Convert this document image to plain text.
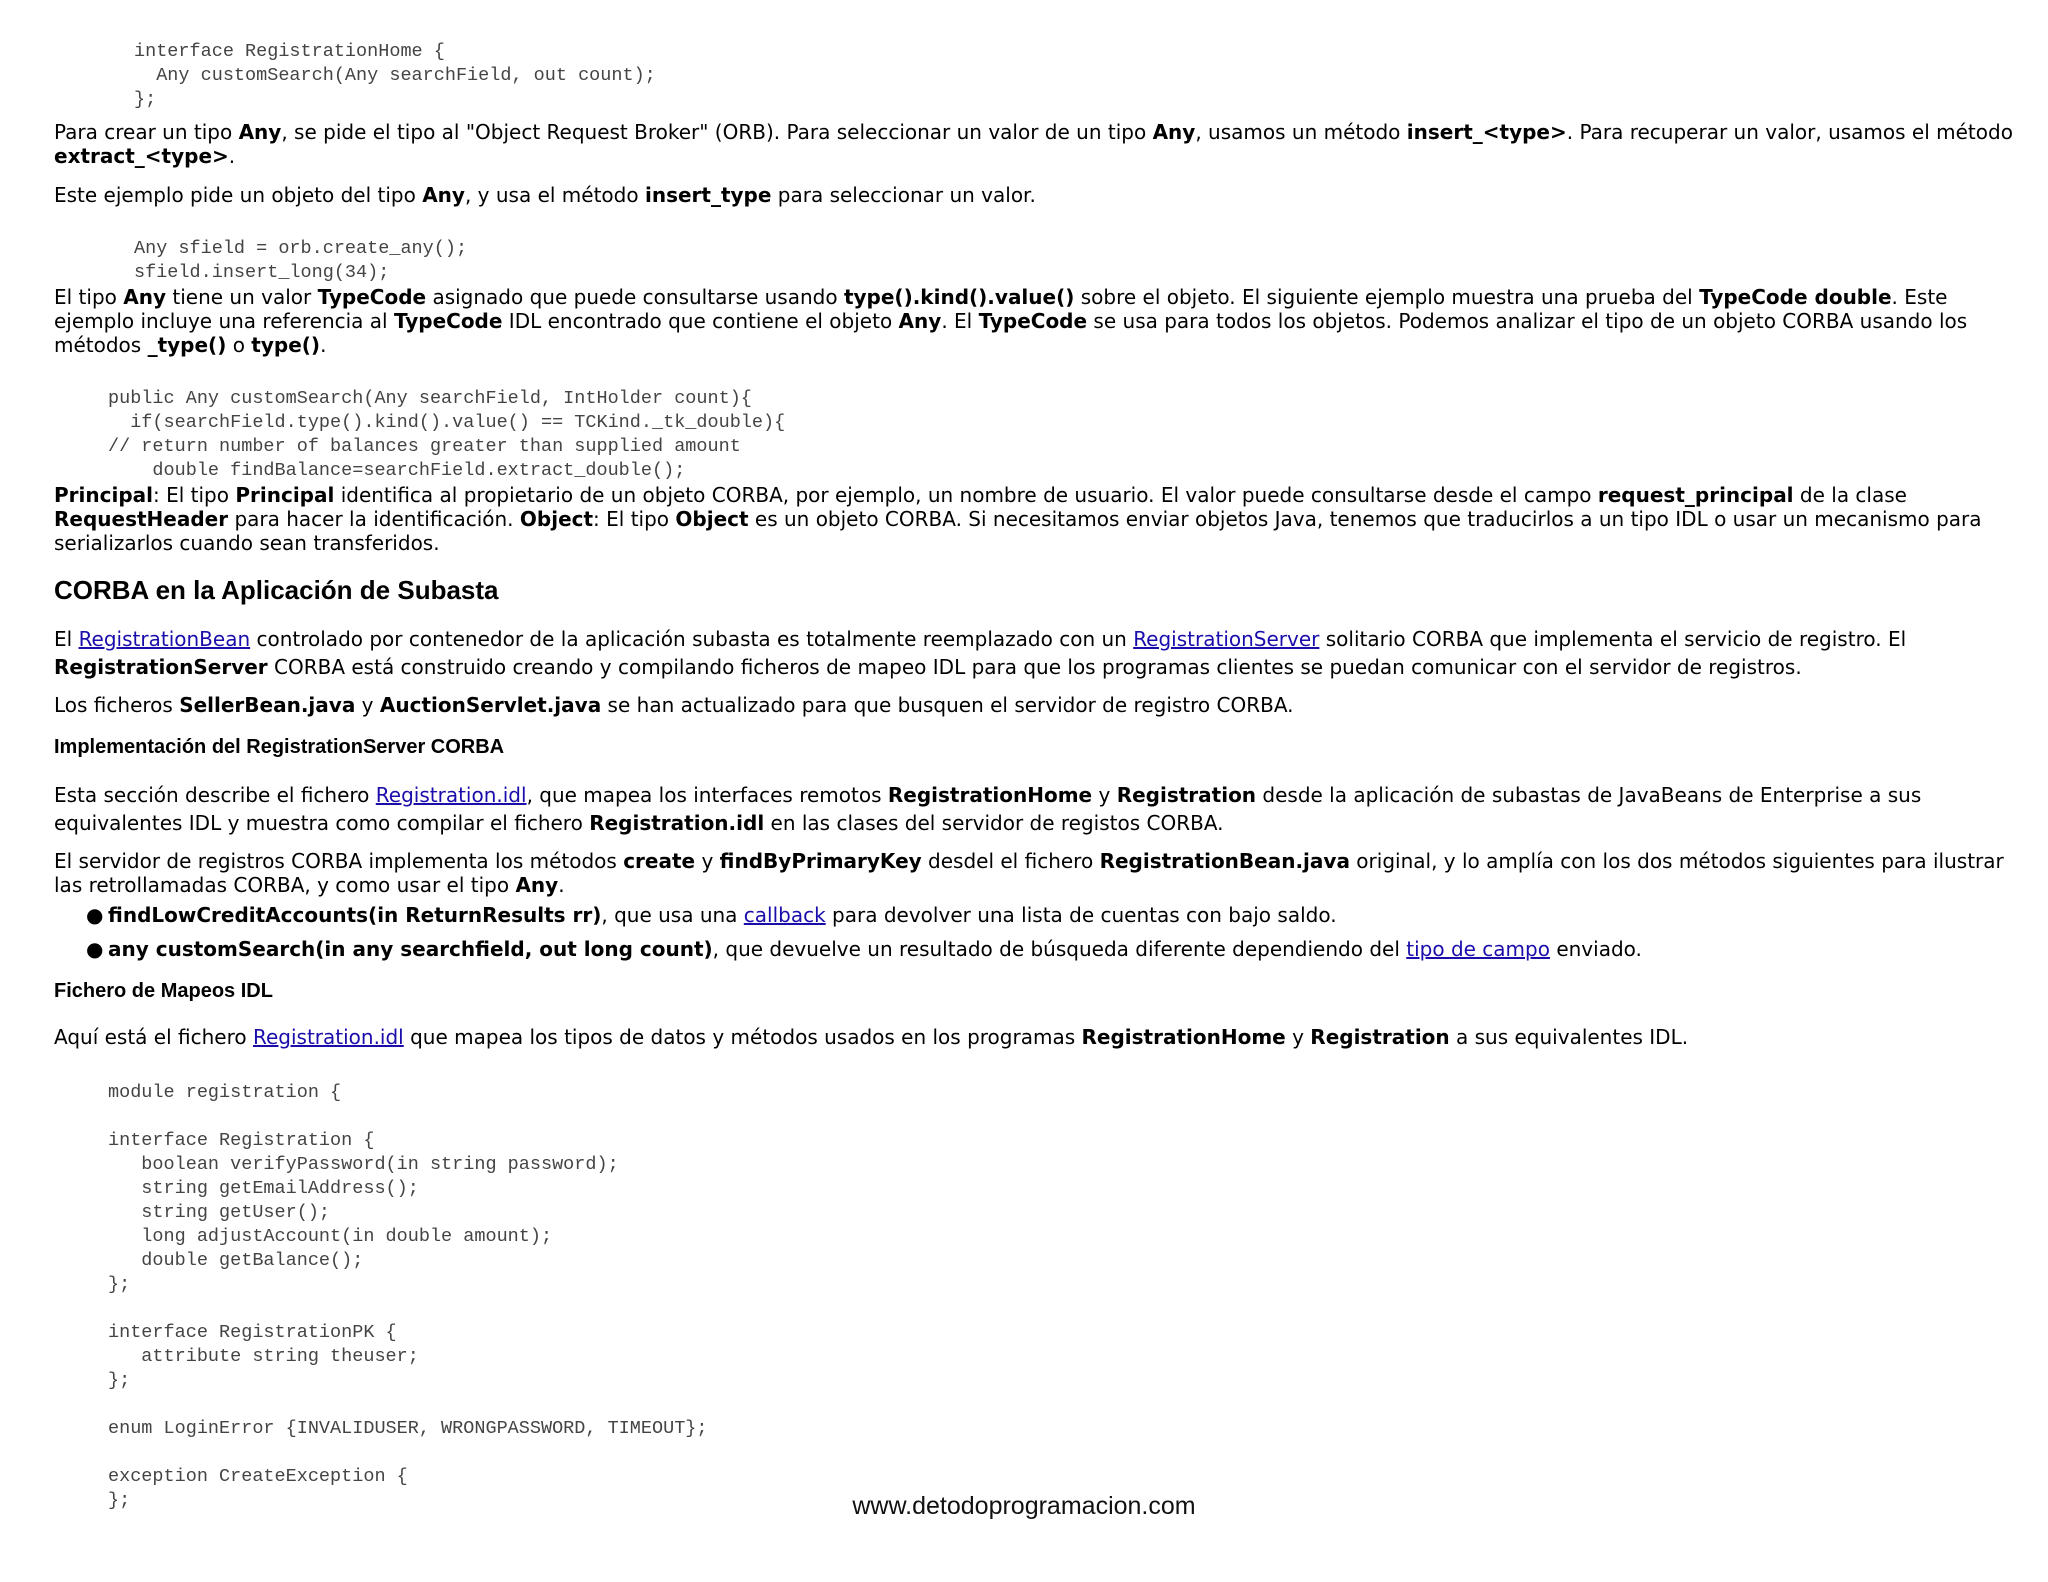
interface RegistrationHome {
Any customSearch(Any searchField, out count);
};

Para crear un tipo Any, se pide el tipo al "Object Request Broker" (ORB). Para seleccionar un valor de un tipo Any, usamos un método insert_<type>. Para recuperar un valor, usamos el método extract_<type>.

Este ejemplo pide un objeto del tipo Any, y usa el método insert_type para seleccionar un valor.

Any sfield = orb.create_any();
sfield.insert_long(34);

El tipo Any tiene un valor TypeCode asignado que puede consultarse usando type().kind().value() sobre el objeto. El siguiente ejemplo muestra una prueba del TypeCode double. Este ejemplo incluye una referencia al TypeCode IDL encontrado que contiene el objeto Any. El TypeCode se usa para todos los objetos. Podemos analizar el tipo de un objeto CORBA usando los métodos _type() o type().

public Any customSearch(Any searchField, IntHolder count){
if(searchField.type().kind().value() == TCKind._tk_double){
// return number of balances greater than supplied amount
double findBalance=searchField.extract_double();

Principal: El tipo Principal identifica al propietario de un objeto CORBA, por ejemplo, un nombre de usuario. El valor puede consultarse desde el campo request_principal de la clase RequestHeader para hacer la identificación. Object: El tipo Object es un objeto CORBA. Si necesitamos enviar objetos Java, tenemos que traducirlos a un tipo IDL o usar un mecanismo para serializarlos cuando sean transferidos.

CORBA en la Aplicación de Subasta

El RegistrationBean controlado por contenedor de la aplicación subasta es totalmente reemplazado con un RegistrationServer solitario CORBA que implementa el servicio de registro. El RegistrationServer CORBA está construido creando y compilando ficheros de mapeo IDL para que los programas clientes se puedan comunicar con el servidor de registros.

Los ficheros SellerBean.java y AuctionServlet.java se han actualizado para que busquen el servidor de registro CORBA.

Implementación del RegistrationServer CORBA

Esta sección describe el fichero Registration.idl, que mapea los interfaces remotos RegistrationHome y Registration desde la aplicación de subastas de JavaBeans de Enterprise a sus equivalentes IDL y muestra como compilar el fichero Registration.idl en las clases del servidor de registos CORBA.

El servidor de registros CORBA implementa los métodos create y findByPrimaryKey desdel el fichero RegistrationBean.java original, y lo amplía con los dos métodos siguientes para ilustrar las retrollamadas CORBA, y como usar el tipo Any.

● findLowCreditAccounts(in ReturnResults rr), que usa una callback para devolver una lista de cuentas con bajo saldo.
● any customSearch(in any searchfield, out long count), que devuelve un resultado de búsqueda diferente dependiendo del tipo de campo enviado.
Fichero de Mapeos IDL

Aquí está el fichero Registration.idl que mapea los tipos de datos y métodos usados en los programas RegistrationHome y Registration a sus equivalentes IDL.

module registration {

interface Registration {
boolean verifyPassword(in string password);
string getEmailAddress();
string getUser();
long adjustAccount(in double amount);
double getBalance();
};

interface RegistrationPK {
attribute string theuser;
};

enum LoginError {INVALIDUSER, WRONGPASSWORD, TIMEOUT};

exception CreateException {
};	www.detodoprogramacion.com
